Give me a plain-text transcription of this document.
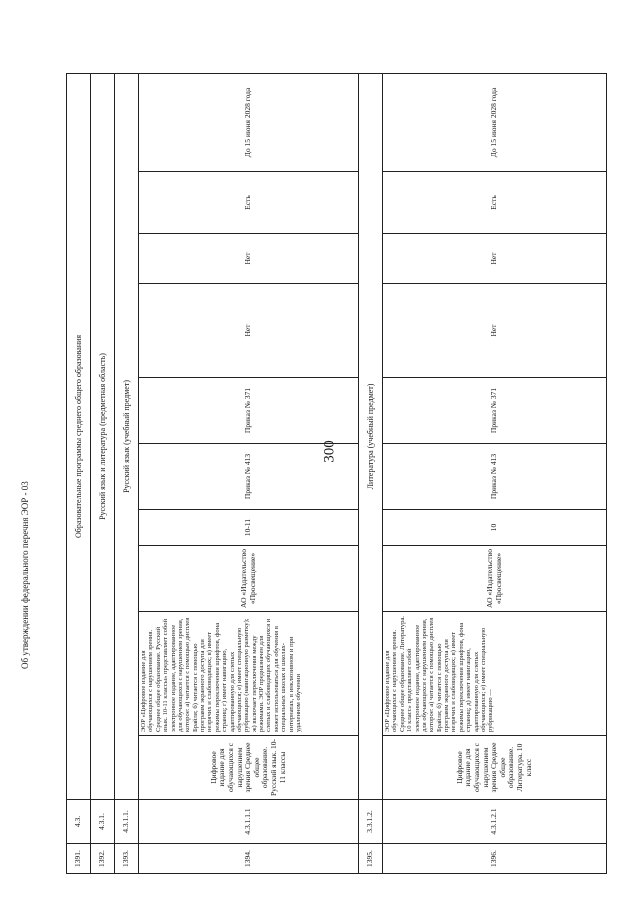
300
1391.	4.3.	Образовательные программы среднего общего образования									
1392.	4.3.1.	Русский язык и литература (предметная область)									
1393.	4.3.1.1.	Русский язык (учебный предмет)									
1394.	4.3.1.1.1	Цифровое издание для обучающихся с нарушением зрения Среднее общее образование. Русский язык. 10-11 классы	ЭОР «Цифровое издание для обучающихся с нарушением зрения. Среднее общее образование. Русский язык. 10-11 классы» представляет собой электронное издание, адаптированное для обучающихся с нарушением зрения, которое: а) читается с помощью дисплея Брайля; б) читается с помощью программ экранного доступа для незрячих и слабовидящих; в) имеет режимы переключения шрифтов, фона страниц; г) имеет навигацию, адаптированную для слепых обучающихся; е) имеет специальную рубрикацию (навигационную разметку); ж) включает переключения между режимами. ЭОР предназначен для слепых и слабовидящих обучающихся и может использоваться для обучения в специальных школах и школах-интернатах, в инклюзивном и при удаленном обучении	АО «Издательство «Просвещение»	10-11	Приказ № 413	Приказ № 371	Нет	Нет	Есть	До 15 июня 2028 года
1395.	3.3.1.2.	Литература (учебный предмет)									
1396.	4.3.1.2.1	Цифровое издание для обучающихся с нарушением зрения Среднее общее образование. Литература. 10 класс	ЭОР «Цифровое издание для обучающихся с нарушением зрения. Среднее общее образование. Литература. 10 класс» представляет собой электронное издание, адаптированное для обучающихся с нарушением зрения, которое: а) читается с помощью дисплея Брайля; б) читается с помощью программ экранного доступа для незрячих и слабовидящих; в) имеет режимы переключения шрифтов, фона страниц; д) имеет навигацию, адаптированную для слепых обучающихся; е) имеет специальную рубрикацию —	АО «Издательство «Просвещение»	10	Приказ № 413	Приказ № 371	Нет	Нет	Есть	До 15 июня 2028 года
Об утверждении федерального перечня ЭОР - 03
